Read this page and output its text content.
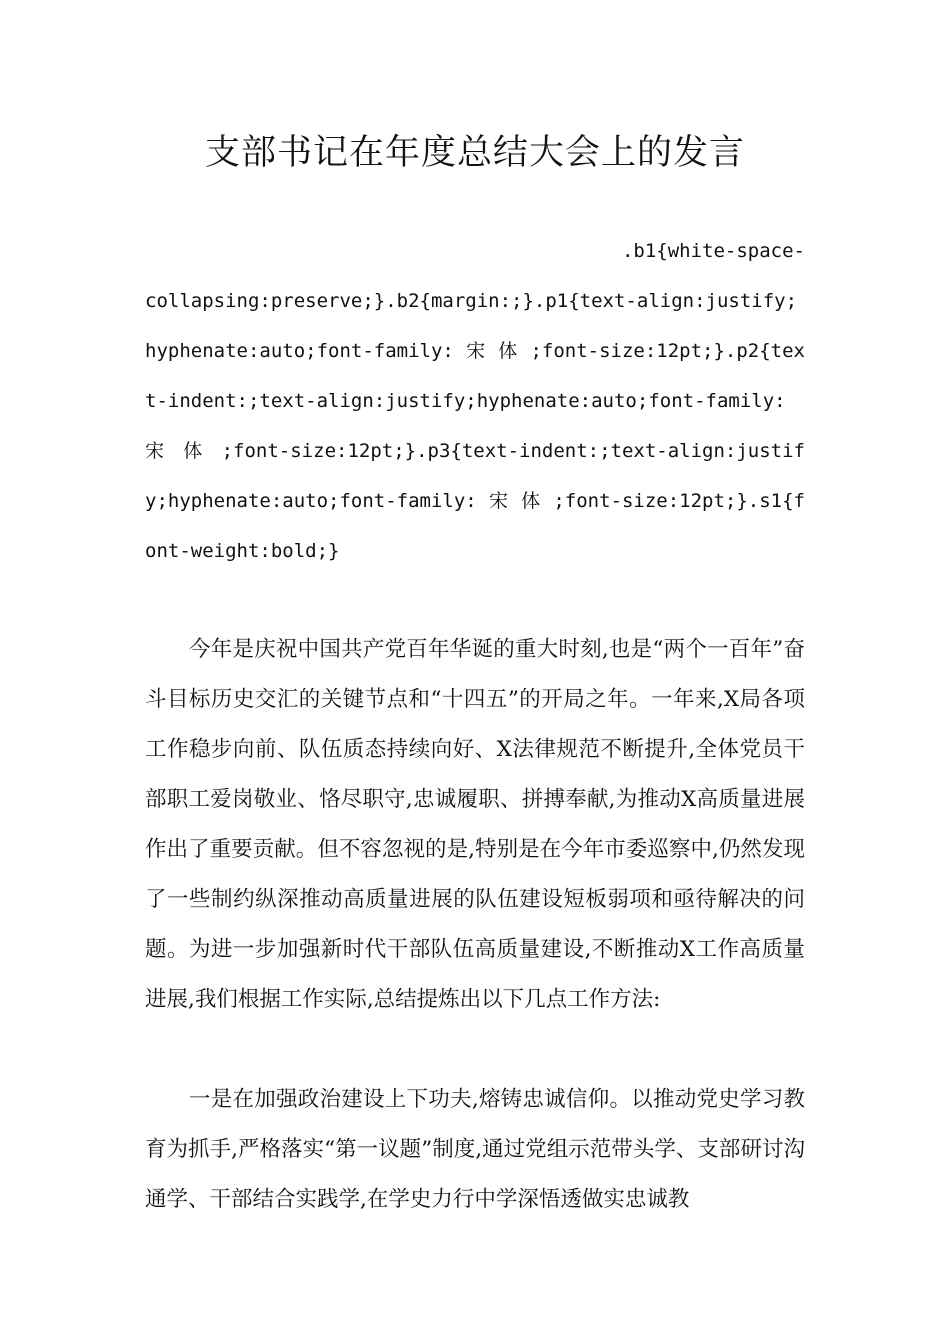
支部书记在年度总结大会上的发言
.b1{white-space-
collapsing:preserve;}.b2{margin:;}.p1{text-align:justify;hyphenate:auto;font-family: 宋 体 ;font-size:12pt;}.p2{text-indent:;text-align:justify;hyphenate:auto;font-family: 宋 体 ;font-size:12pt;}.p3{text-indent:;text-align:justify;hyphenate:auto;font-family: 宋 体 ;font-size:12pt;}.s1{font-weight:bold;}

今年是庆祝中国共产党百年华诞的重大时刻,也是“两个一百年”奋斗目标历史交汇的关键节点和“十四五”的开局之年。一年来,X局各项工作稳步向前、队伍质态持续向好、X法律规范不断提升,全体党员干部职工爱岗敬业、恪尽职守,忠诚履职、拼搏奉献,为推动X高质量进展作出了重要贡献。但不容忽视的是,特别是在今年市委巡察中,仍然发现了一些制约纵深推动高质量进展的队伍建设短板弱项和亟待解决的问题。为进一步加强新时代干部队伍高质量建设,不断推动X工作高质量进展,我们根据工作实际,总结提炼出以下几点工作方法:

一是在加强政治建设上下功夫,熔铸忠诚信仰。以推动党史学习教育为抓手,严格落实“第一议题”制度,通过党组示范带头学、支部研讨沟通学、干部结合实践学,在学史力行中学深悟透做实忠诚教
